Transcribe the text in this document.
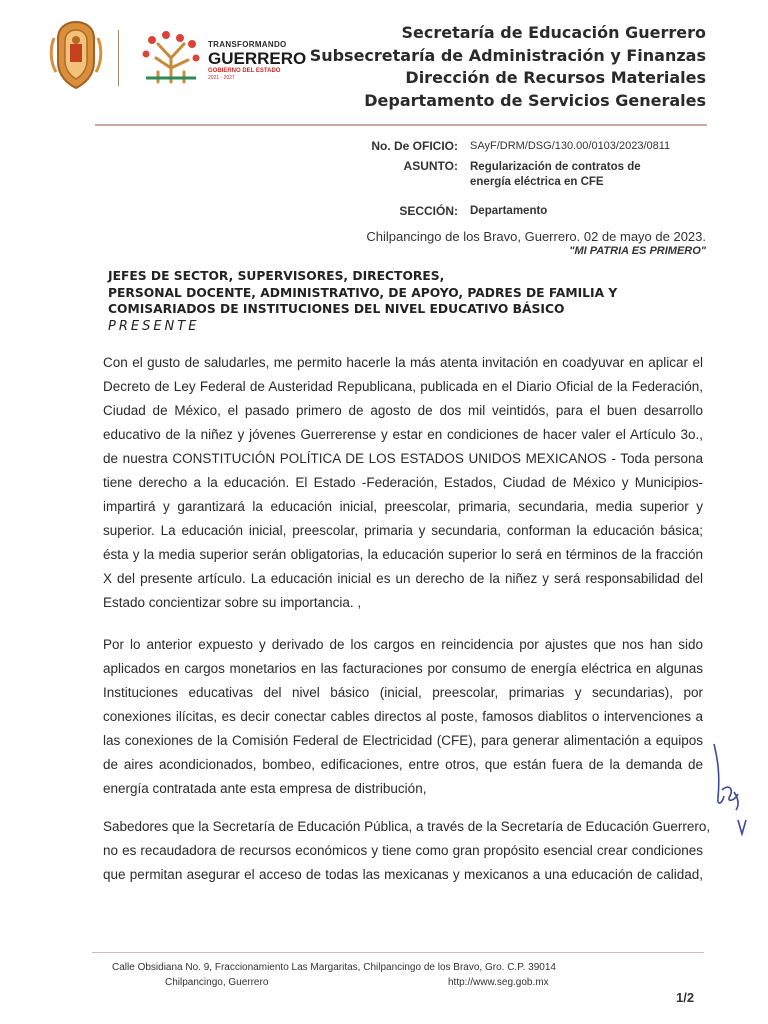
TRANSFORMANDO
GUERRERO
GOBIERNO DEL ESTADO
2021 - 2027
Secretaría de Educación Guerrero
Subsecretaría de Administración y Finanzas
Dirección de Recursos Materiales
Departamento de Servicios Generales
No. De OFICIO: SAyF/DRM/DSG/130.00/0103/2023/0811
ASUNTO: Regularización de contratos de
energía eléctrica en CFE
SECCIÓN: Departamento
Chilpancingo de los Bravo, Guerrero. 02 de mayo de 2023.
"MI PATRIA ES PRIMERO"
JEFES DE SECTOR, SUPERVISORES, DIRECTORES,
PERSONAL DOCENTE, ADMINISTRATIVO, DE APOYO, PADRES DE FAMILIA Y
COMISARIADOS DE INSTITUCIONES DEL NIVEL EDUCATIVO BÁSICO
PRESENTE
Con el gusto de saludarles, me permito hacerle la más atenta invitación en coadyuvar en aplicar el
Decreto de Ley Federal de Austeridad Republicana, publicada en el Diario Oficial de la Federación,
Ciudad de México, el pasado primero de agosto de dos mil veintidós, para el buen desarrollo
educativo de la niñez y jóvenes Guerrerense y estar en condiciones de hacer valer el Artículo 3o.,
de nuestra CONSTITUCIÓN POLÍTICA DE LOS ESTADOS UNIDOS MEXICANOS - Toda persona
tiene derecho a la educación. El Estado -Federación, Estados, Ciudad de México y Municipios-
impartirá y garantizará la educación inicial, preescolar, primaria, secundaria, media superior y
superior. La educación inicial, preescolar, primaria y secundaria, conforman la educación básica;
ésta y la media superior serán obligatorias, la educación superior lo será en términos de la fracción
X del presente artículo. La educación inicial es un derecho de la niñez y será responsabilidad del
Estado concientizar sobre su importancia. ,
Por lo anterior expuesto y derivado de los cargos en reincidencia por ajustes que nos han sido
aplicados en cargos monetarios en las facturaciones por consumo de energía eléctrica en algunas
Instituciones educativas del nivel básico (inicial, preescolar, primarias y secundarias), por
conexiones ilícitas, es decir conectar cables directos al poste, famosos diablitos o intervenciones a
las conexiones de la Comisión Federal de Electricidad (CFE), para generar alimentación a equipos
de aires acondicionados, bombeo, edificaciones, entre otros, que están fuera de la demanda de
energía contratada ante esta empresa de distribución,
Sabedores que la Secretaría de Educación Pública, a través de la Secretaría de Educación Guerrero,
no es recaudadora de recursos económicos y tiene como gran propósito esencial crear condiciones
que permitan asegurar el acceso de todas las mexicanas y mexicanos a una educación de calidad,
Calle Obsidiana No. 9, Fraccionamiento Las Margaritas, Chilpancingo de los Bravo, Gro. C.P. 39014
Chilpancingo, Guerrero	http://www.seg.gob.mx
1/2
